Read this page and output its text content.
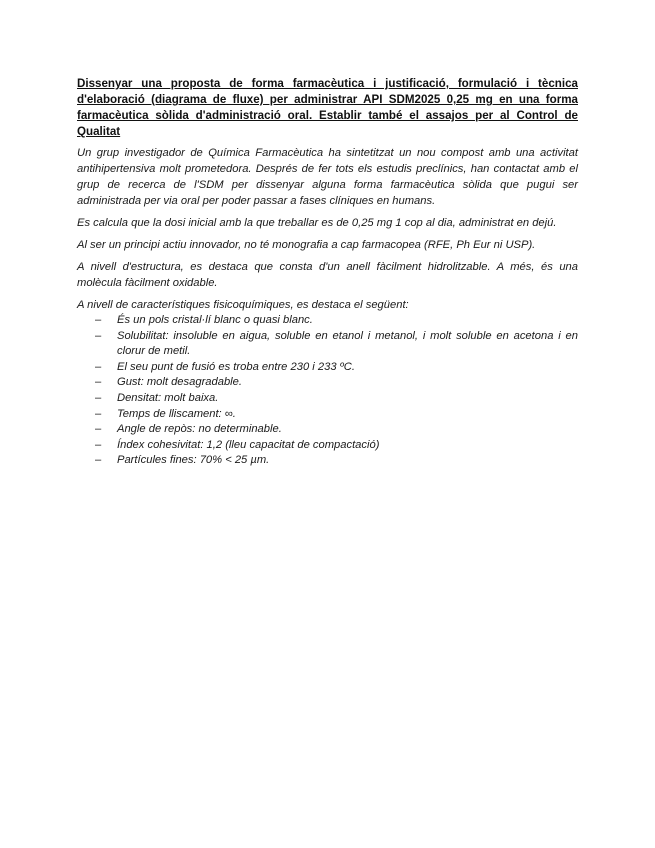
Dissenyar una proposta de forma farmacèutica i justificació, formulació i tècnica d'elaboració (diagrama de fluxe) per administrar API SDM2025 0,25 mg en una forma farmacèutica sòlida d'administració oral. Establir també el assajos per al Control de Qualitat

Un grup investigador de Química Farmacèutica ha sintetitzat un nou compost amb una activitat antihipertensiva molt prometedora. Després de fer tots els estudis preclínics, han contactat amb el grup de recerca de l'SDM per dissenyar alguna forma farmacèutica sòlida que pugui ser administrada per via oral per poder passar a fases clíniques en humans.

Es calcula que la dosi inicial amb la que treballar es de 0,25 mg 1 cop al dia, administrat en dejú.

Al ser un principi actiu innovador, no té monografia a cap farmacopea (RFE, Ph Eur ni USP).

A nivell d'estructura, es destaca que consta d'un anell fàcilment hidrolitzable. A més, és una molècula fàcilment oxidable.

A nivell de característiques fisicoquímiques, es destaca el següent:

– És un pols cristal·lí blanc o quasi blanc.
– Solubilitat: insoluble en aigua, soluble en etanol i metanol, i molt soluble en acetona i en clorur de metil.
– El seu punt de fusió es troba entre 230 i 233 ºC.
– Gust: molt desagradable.
– Densitat: molt baixa.
– Temps de lliscament: ∞.
– Angle de repòs: no determinable.
– Índex cohesivitat: 1,2 (lleu capacitat de compactació)
– Partícules fines: 70% < 25 µm.
